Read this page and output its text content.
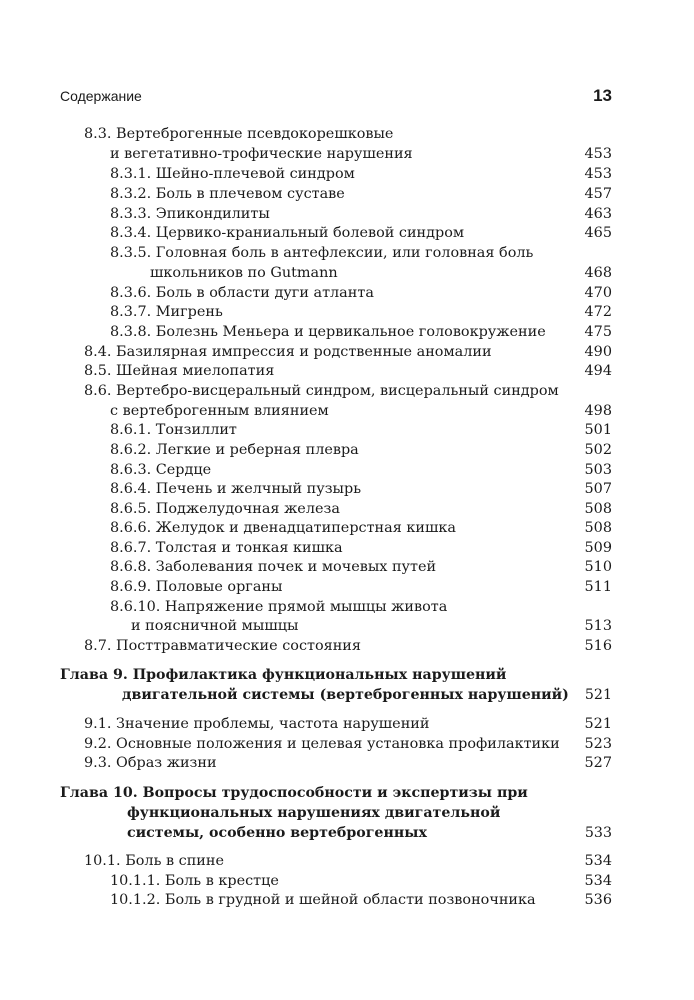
Содержание	13
8.3. Вертеброгенные псевдокорешковые
и вегетативно-трофические нарушения	453
8.3.1. Шейно-плечевой синдром	453
8.3.2. Боль в плечевом суставе	457
8.3.3. Эпикондилиты	463
8.3.4. Цервико-краниальный болевой синдром	465
8.3.5. Головная боль в антефлексии, или головная боль
школьников по Gutmann	468
8.3.6. Боль в области дуги атланта	470
8.3.7. Мигрень	472
8.3.8. Болезнь Меньера и цервикальное головокружение	475
8.4. Базилярная импрессия и родственные аномалии	490
8.5. Шейная миелопатия	494
8.6. Вертебро-висцеральный синдром, висцеральный синдром
с вертеброгенным влиянием	498
8.6.1. Тонзиллит	501
8.6.2. Легкие и реберная плевра	502
8.6.3. Сердце	503
8.6.4. Печень и желчный пузырь	507
8.6.5. Поджелудочная железа	508
8.6.6. Желудок и двенадцатиперстная кишка	508
8.6.7. Толстая и тонкая кишка	509
8.6.8. Заболевания почек и мочевых путей	510
8.6.9. Половые органы	511
8.6.10. Напряжение прямой мышцы живота
и поясничной мышцы	513
8.7. Посттравматические состояния	516
Глава 9. Профилактика функциональных нарушений
двигательной системы (вертеброгенных нарушений) 521
9.1. Значение проблемы, частота нарушений	521
9.2. Основные положения и целевая установка профилактики 523
9.3. Образ жизни	527
Глава 10. Вопросы трудоспособности и экспертизы при
функциональных нарушениях двигательной
системы, особенно вертеброгенных	533
10.1. Боль в спине	534
10.1.1. Боль в крестце	534
10.1.2. Боль в грудной и шейной области позвоночника	536
